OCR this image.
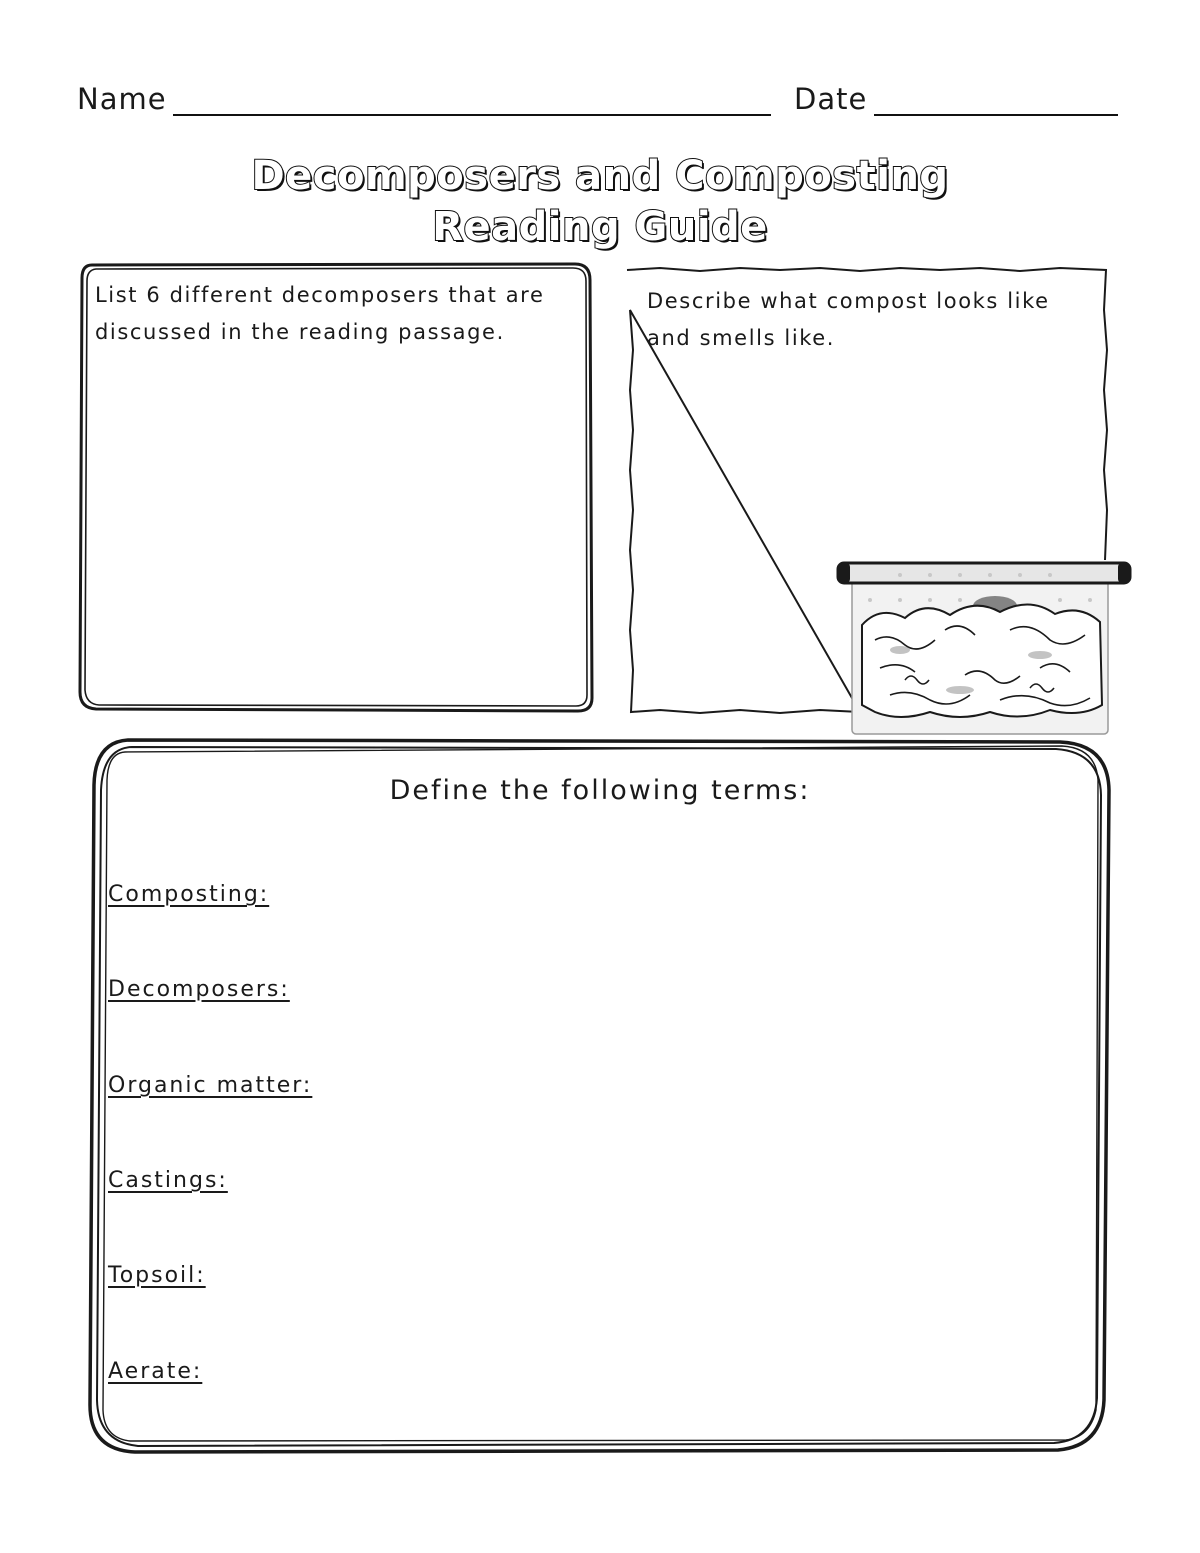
Name	Date
Decomposers and Composting
Reading Guide
List 6 different decomposers that are discussed in the reading passage.
Describe what compost looks like and smells like.
Define the following terms:
Composting:
Decomposers:
Organic matter:
Castings:
Topsoil:
Aerate:
